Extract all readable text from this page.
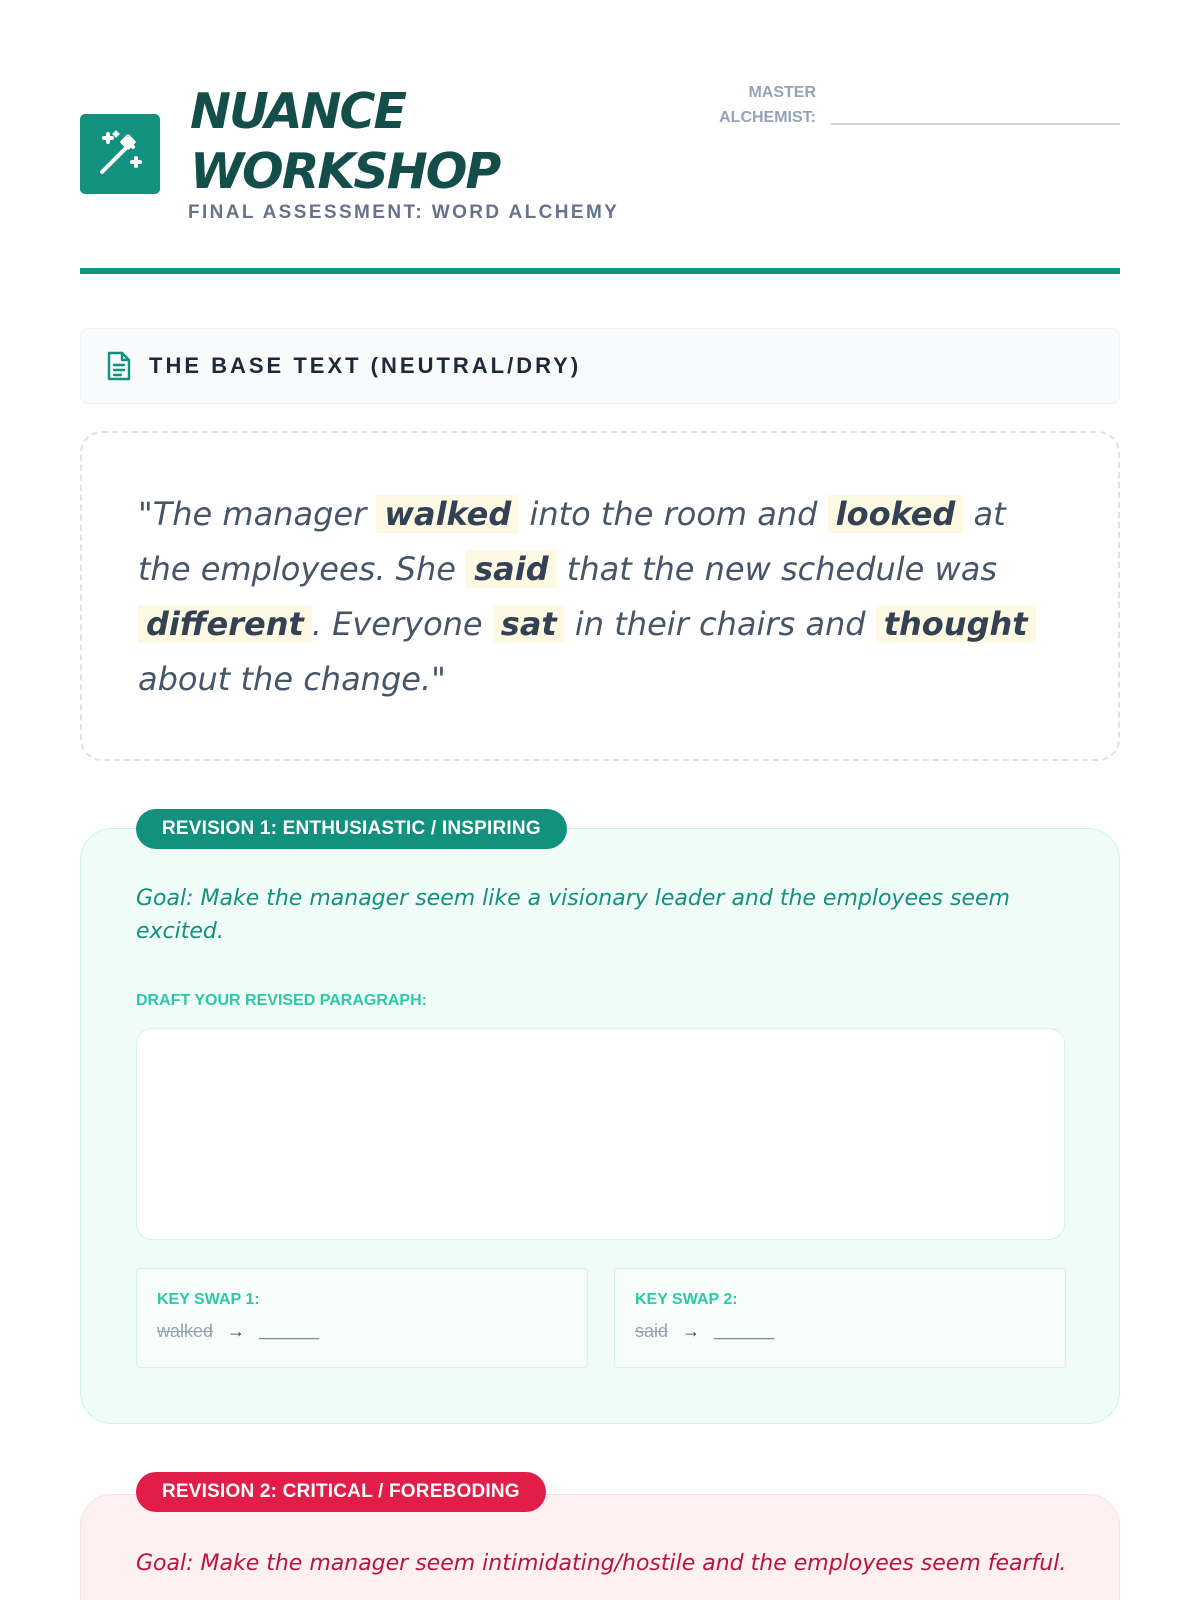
NUANCE
WORKSHOP
FINAL ASSESSMENT: WORD ALCHEMY
MASTER
ALCHEMIST:
THE BASE TEXT (NEUTRAL/DRY)

"The manager walked into the room and looked at the employees. She said that the new schedule was different . Everyone sat in their chairs and thought about the change."

REVISION 1: ENTHUSIASTIC / INSPIRING
Goal: Make the manager seem like a visionary leader and the employees seem excited.
DRAFT YOUR REVISED PARAGRAPH:
KEY SWAP 1:
walked → ______
KEY SWAP 2:
said → ______
REVISION 2: CRITICAL / FOREBODING
Goal: Make the manager seem intimidating/hostile and the employees seem fearful.
